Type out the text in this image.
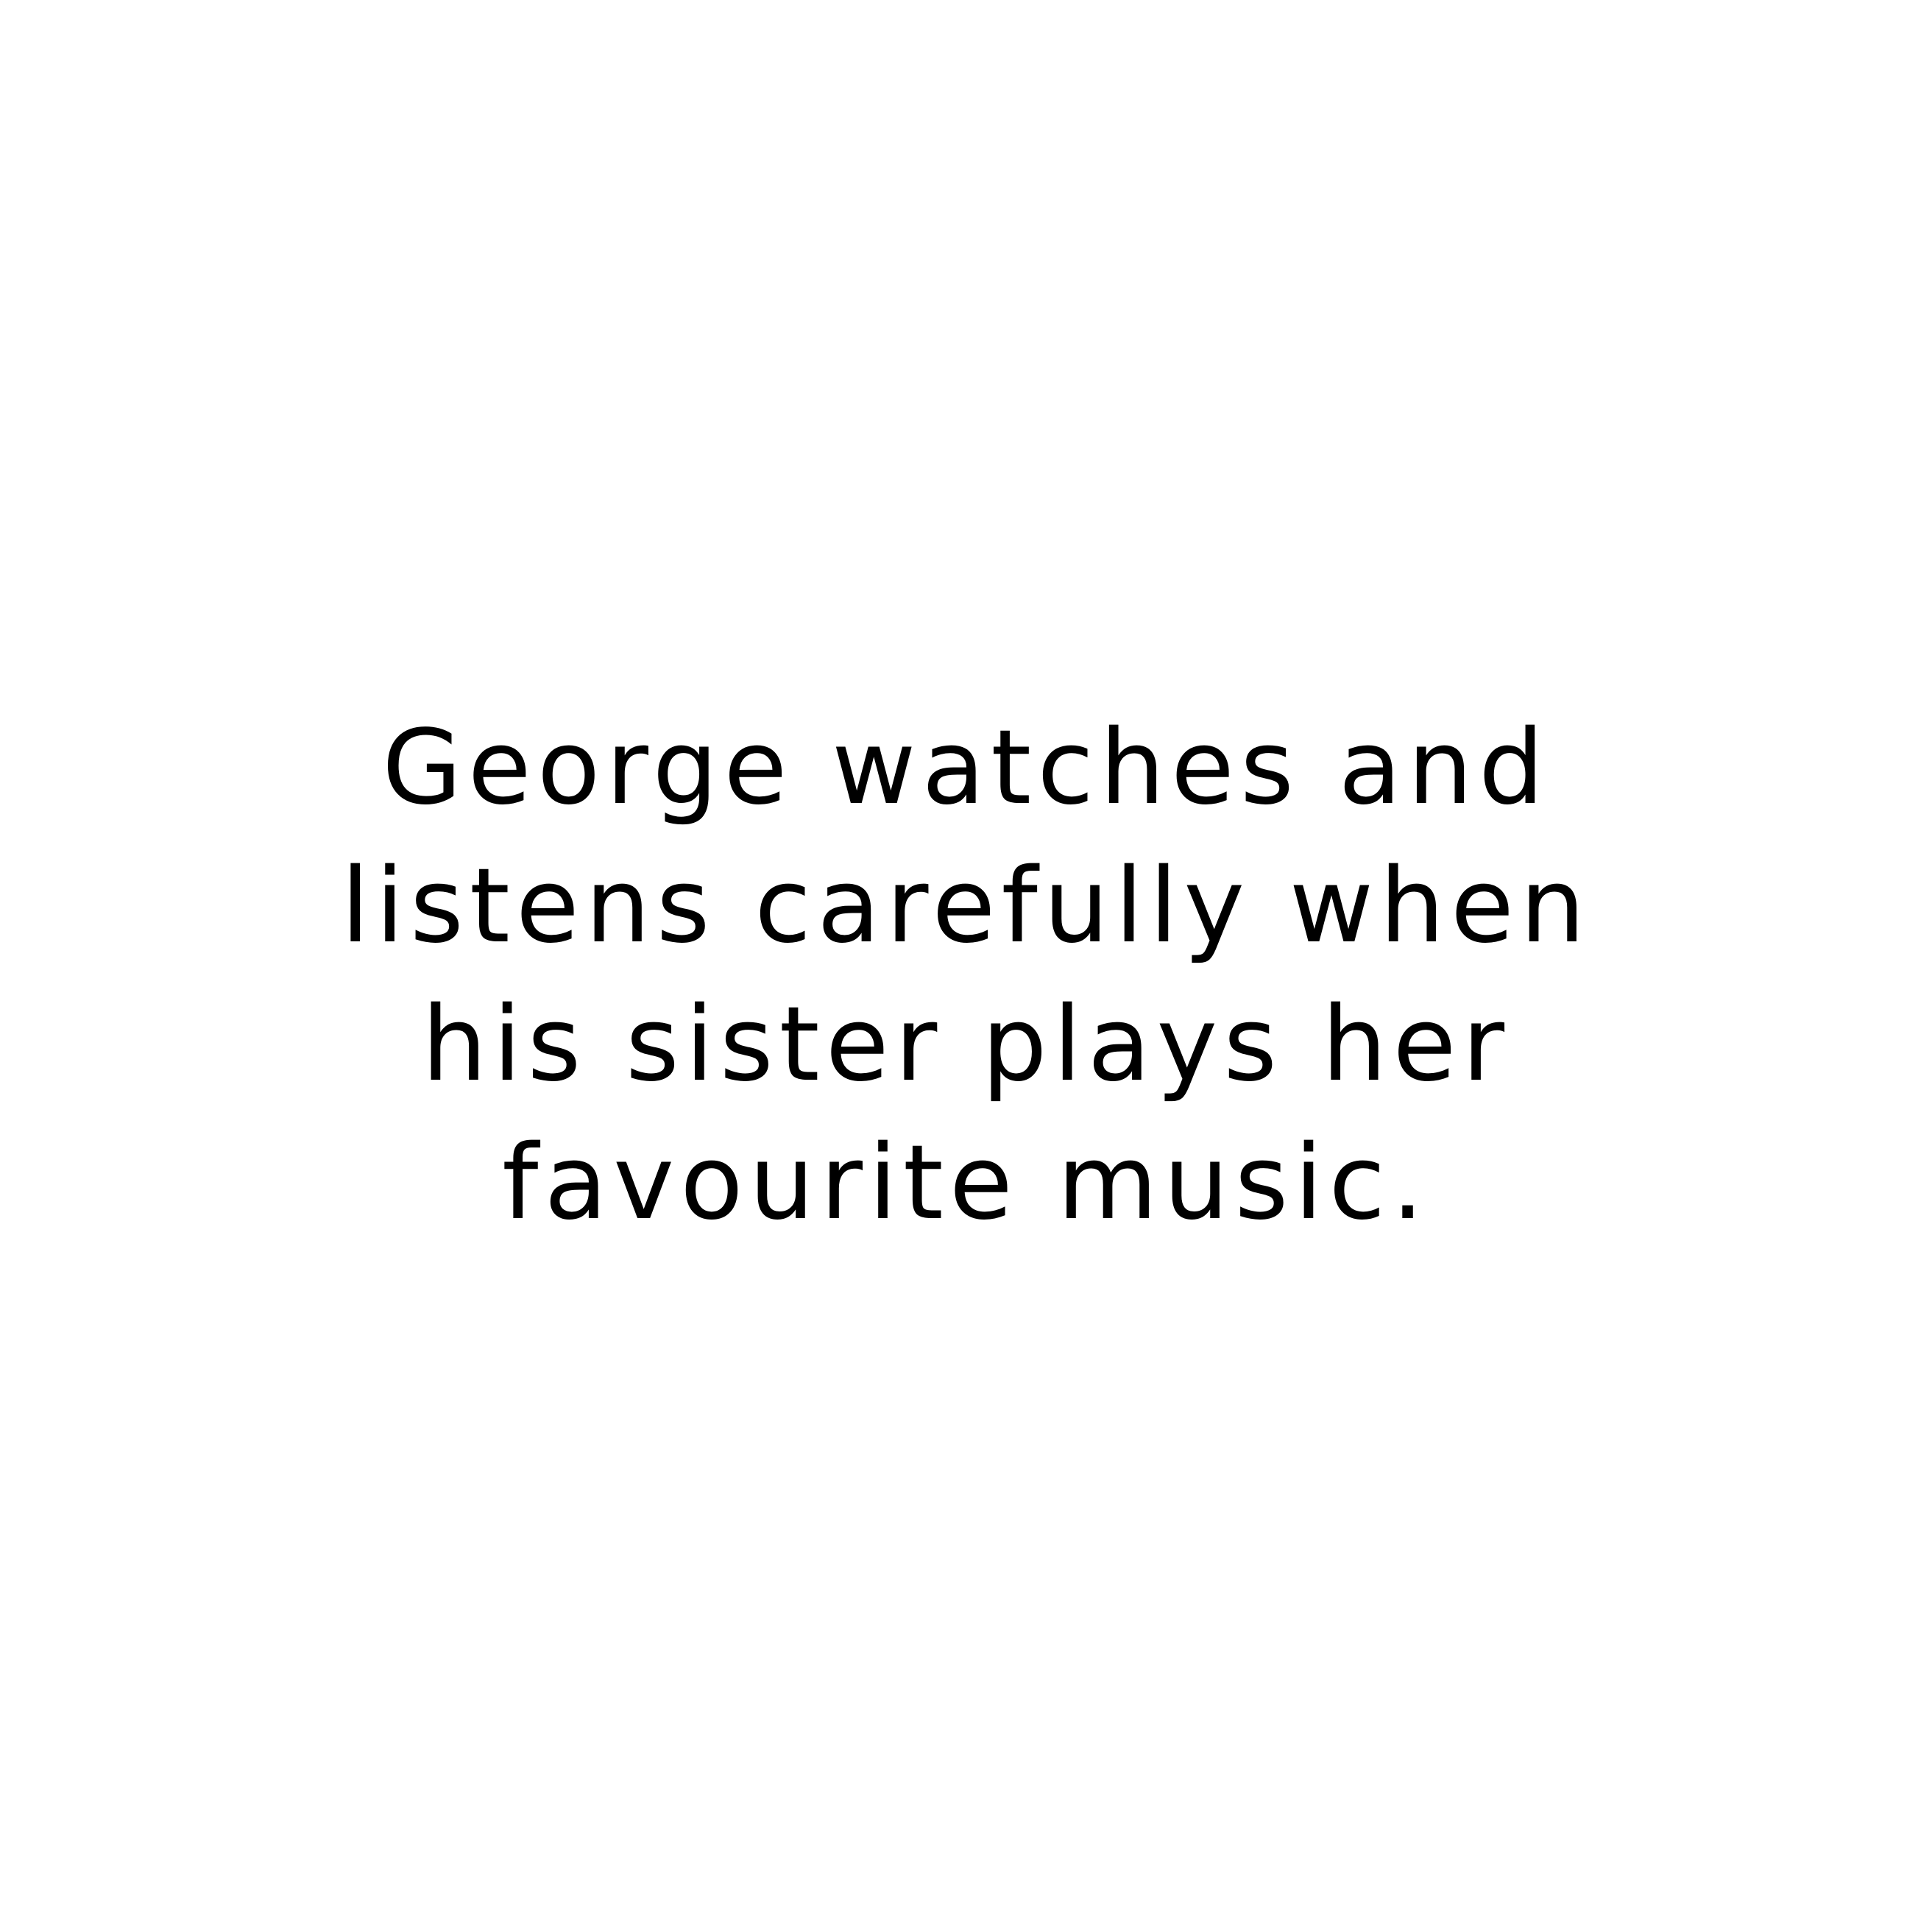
George watches and
listens carefully when
his sister plays her
favourite music.
